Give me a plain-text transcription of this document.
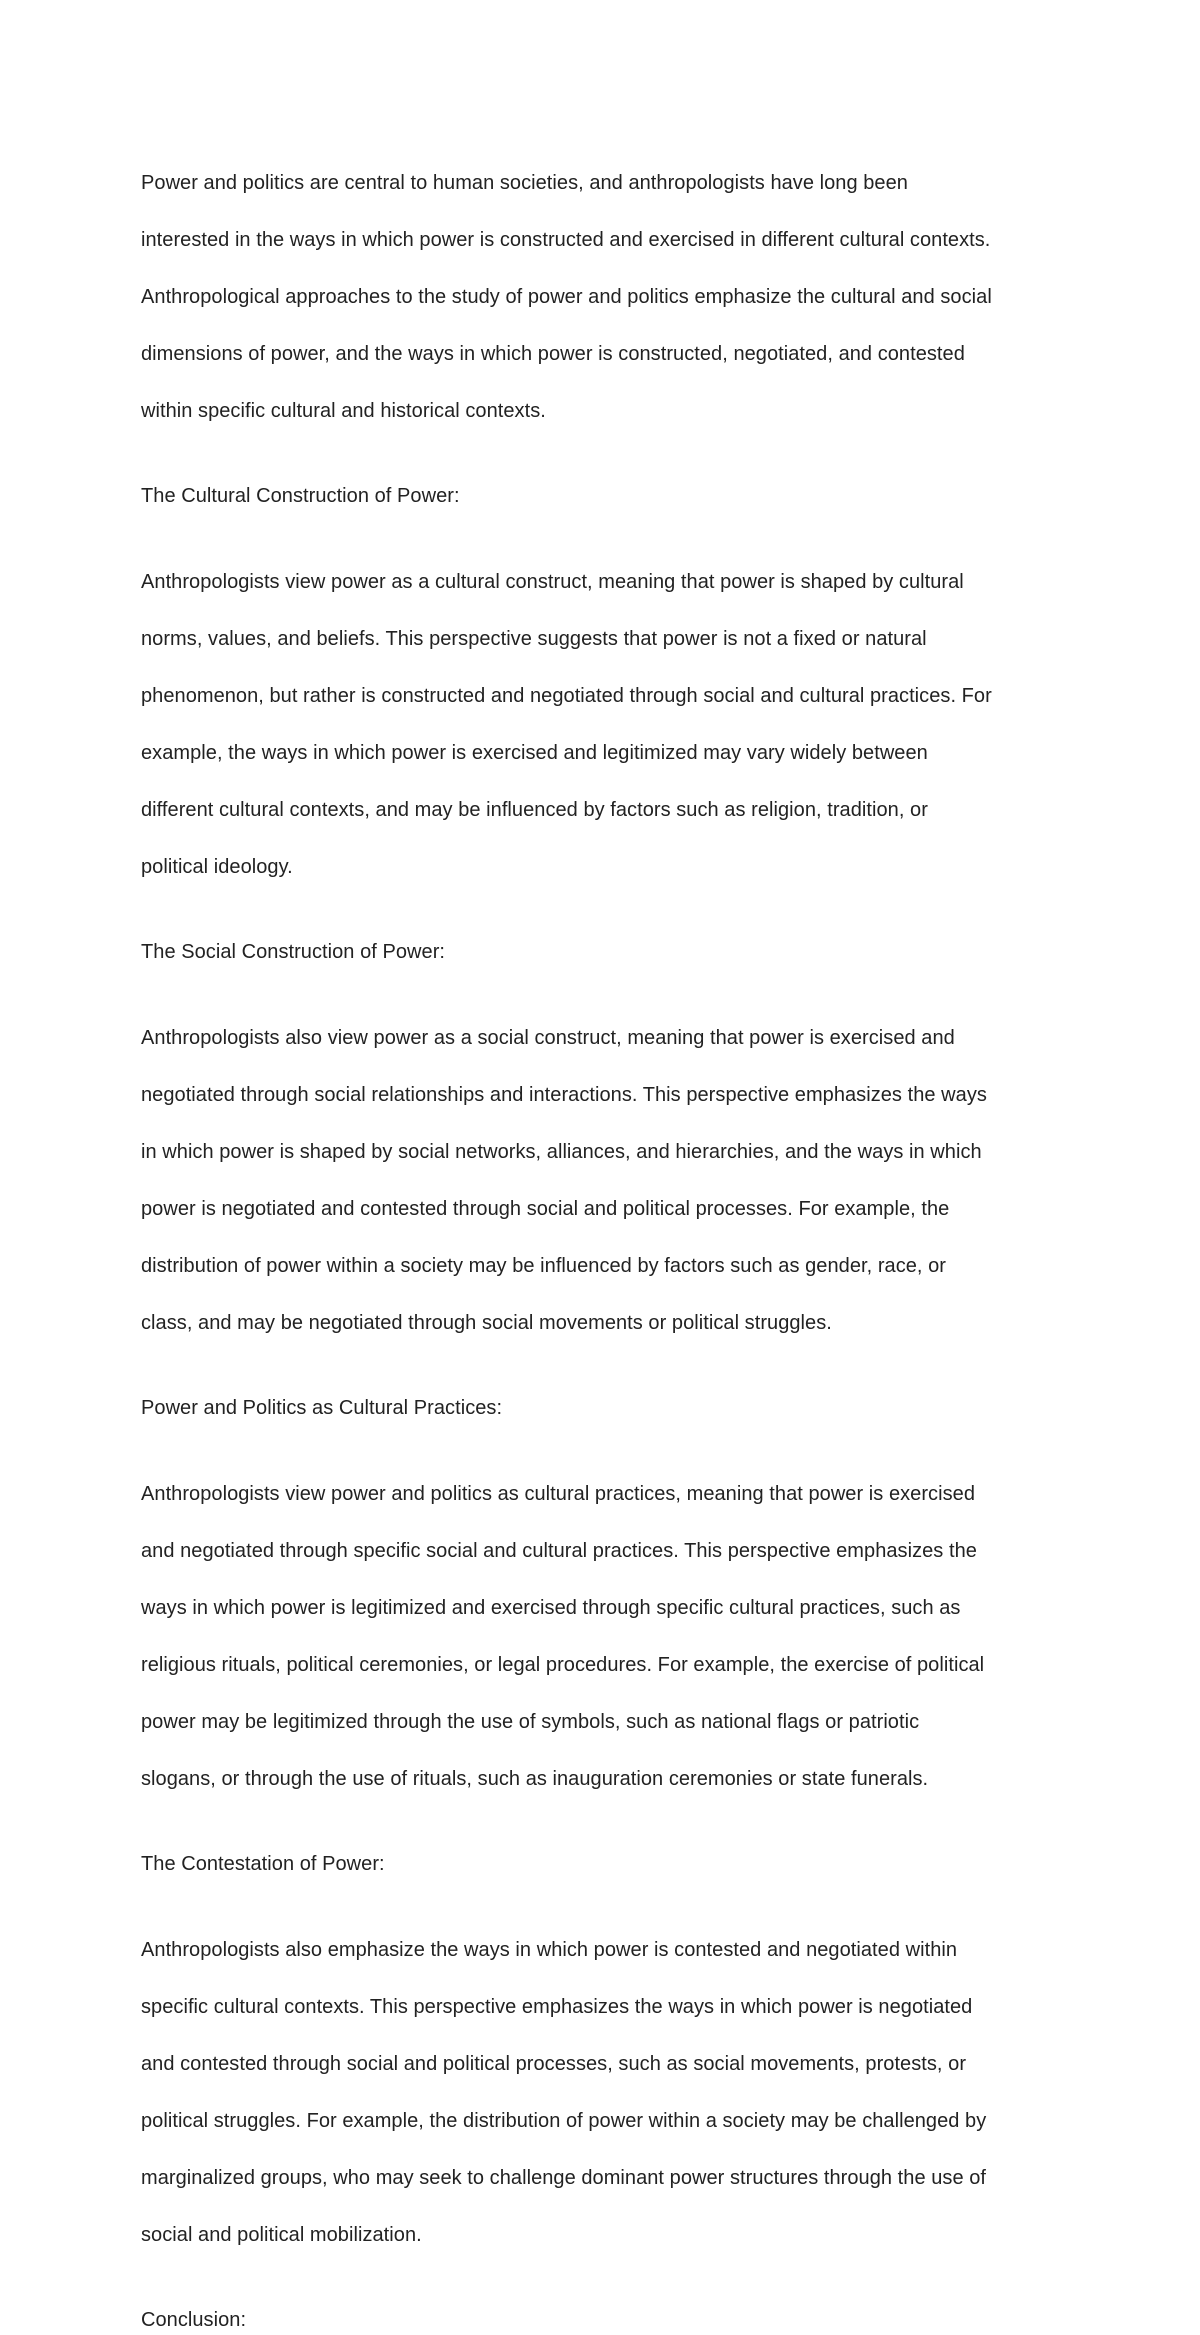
Power and politics are central to human societies, and anthropologists have long been

interested in the ways in which power is constructed and exercised in different cultural contexts.

Anthropological approaches to the study of power and politics emphasize the cultural and social

dimensions of power, and the ways in which power is constructed, negotiated, and contested

within specific cultural and historical contexts.

The Cultural Construction of Power:

Anthropologists view power as a cultural construct, meaning that power is shaped by cultural

norms, values, and beliefs. This perspective suggests that power is not a fixed or natural

phenomenon, but rather is constructed and negotiated through social and cultural practices. For

example, the ways in which power is exercised and legitimized may vary widely between

different cultural contexts, and may be influenced by factors such as religion, tradition, or

political ideology.

The Social Construction of Power:

Anthropologists also view power as a social construct, meaning that power is exercised and

negotiated through social relationships and interactions. This perspective emphasizes the ways

in which power is shaped by social networks, alliances, and hierarchies, and the ways in which

power is negotiated and contested through social and political processes. For example, the

distribution of power within a society may be influenced by factors such as gender, race, or

class, and may be negotiated through social movements or political struggles.

Power and Politics as Cultural Practices:

Anthropologists view power and politics as cultural practices, meaning that power is exercised

and negotiated through specific social and cultural practices. This perspective emphasizes the

ways in which power is legitimized and exercised through specific cultural practices, such as

religious rituals, political ceremonies, or legal procedures. For example, the exercise of political

power may be legitimized through the use of symbols, such as national flags or patriotic

slogans, or through the use of rituals, such as inauguration ceremonies or state funerals.

The Contestation of Power:

Anthropologists also emphasize the ways in which power is contested and negotiated within

specific cultural contexts. This perspective emphasizes the ways in which power is negotiated

and contested through social and political processes, such as social movements, protests, or

political struggles. For example, the distribution of power within a society may be challenged by

marginalized groups, who may seek to challenge dominant power structures through the use of

social and political mobilization.

Conclusion:
